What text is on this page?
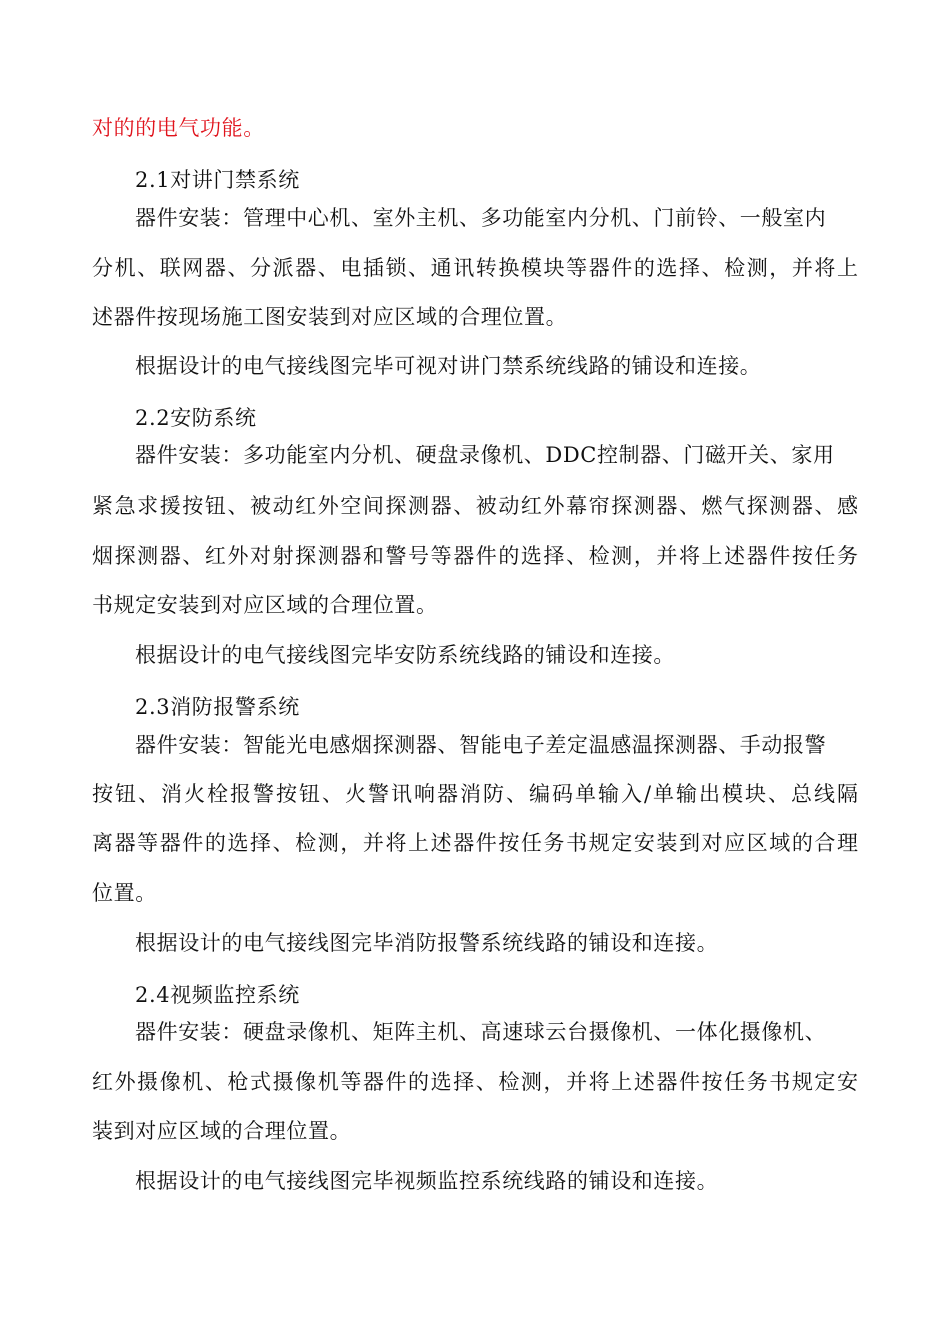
对的的电气功能。
2.1对讲门禁系统
器件安装：管理中心机、室外主机、多功能室内分机、门前铃、一般室内
分机、联网器、分派器、电插锁、通讯转换模块等器件的选择、检测，并将上
述器件按现场施工图安装到对应区域的合理位置。
根据设计的电气接线图完毕可视对讲门禁系统线路的铺设和连接。
2.2安防系统
器件安装：多功能室内分机、硬盘录像机、DDC控制器、门磁开关、家用
紧急求援按钮、被动红外空间探测器、被动红外幕帘探测器、燃气探测器、感
烟探测器、红外对射探测器和警号等器件的选择、检测，并将上述器件按任务
书规定安装到对应区域的合理位置。
根据设计的电气接线图完毕安防系统线路的铺设和连接。
2.3消防报警系统
器件安装：智能光电感烟探测器、智能电子差定温感温探测器、手动报警
按钮、消火栓报警按钮、火警讯响器消防、编码单输入/单输出模块、总线隔
离器等器件的选择、检测，并将上述器件按任务书规定安装到对应区域的合理
位置。
根据设计的电气接线图完毕消防报警系统线路的铺设和连接。
2.4视频监控系统
器件安装：硬盘录像机、矩阵主机、高速球云台摄像机、一体化摄像机、
红外摄像机、枪式摄像机等器件的选择、检测，并将上述器件按任务书规定安
装到对应区域的合理位置。
根据设计的电气接线图完毕视频监控系统线路的铺设和连接。
